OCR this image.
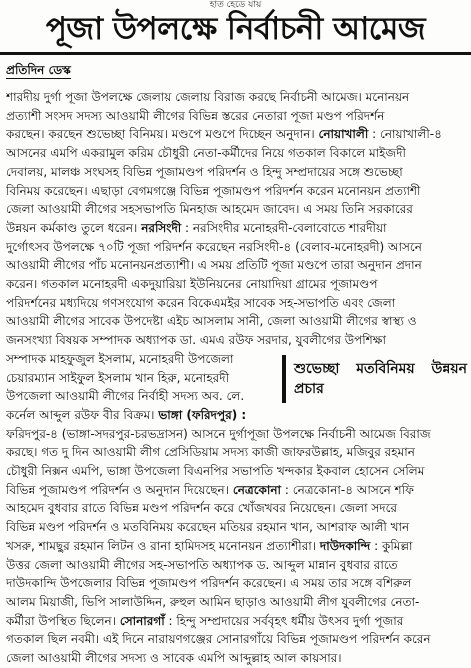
হাত হেডে যায়
পূজা উপলক্ষে নির্বাচনী আমেজ
প্রতিদিন ডেস্ক

শারদীয় দুর্গা পূজা উপলক্ষে জেলায় জেলায় বিরাজ করছে নির্বাচনী আমেজ। মনোনয়ন
প্রত্যাশী সংসদ সদস্য আওয়ামী লীগের বিভিন্ন স্তরের নেতারা পূজা মণ্ডপ পরিদর্শন
করছেন। করছেন শুভেচ্ছা বিনিময়। মণ্ডপে মণ্ডপে দিচ্ছেন অনুদান। নোয়াখালী : নোয়াখালী-৪
আসনের এমপি একরামুল করিম চৌধুরী নেতা-কর্মীদের নিয়ে গতকাল বিকালে মাইজদী
দেবালয়, মালঞ্চ সংঘসহ বিভিন্ন পূজামণ্ডপ পরিদর্শন ও হিন্দু সম্প্রদায়ের সঙ্গে শুভেচ্ছা
বিনিময় করেছেন। এছাড়া বেগমগঞ্জে বিভিন্ন পূজামণ্ডপ পরিদর্শন করেন মনোনয়ন প্রত্যাশী
জেলা আওয়ামী লীগের সহসভাপতি মিনহাজ আহমেদ জাবেদ। এ সময় তিনি সরকারের
উন্নয়ন কর্মকাণ্ড তুলে ধরেন। নরসিংদী : নরসিংদীর মনোহরদী-বেলাবোতে শারদীয়া
দুর্গোৎসব উপলক্ষে ৭০টি পূজা পরিদর্শন করেছেন নরসিংদী-৪ (বেলাব-মনোহরদী) আসনে
আওয়ামী লীগের পাঁচ মনোনয়নপ্রত্যাশী। এ সময় প্রতিটি পূজা মণ্ডপে তারা অনুদান প্রদান
করেন। গতকাল মনোহরদী একদুয়ারিয়া ইউনিয়নের নোয়াদিয়া গ্রামের পূজামণ্ডপ
পরিদর্শনের মধ্যদিয়ে গণসংযোগ করেন বিকেএমইর সাবেক সহ-সভাপতি এবং জেলা
আওয়ামী লীগের সাবেক উপদেষ্টা এইচ আসলাম সানী, জেলা আওয়ামী লীগের স্বাস্থ্য ও
জনসংখ্যা বিষয়ক সম্পাদক অধ্যাপক ডা. এমএ রউফ সরদার, যুবলীগের উপশিক্ষা
শুভেচ্ছা মতবিনিময় উন্নয়ন প্রচার
সম্পাদক মাহফুজুল ইসলাম, মনোহরদী উপজেলা
চেয়ারম্যান সাইফুল ইসলাম খান হিরু, মনোহরদী
উপজেলা আওয়ামী লীগের নির্বাহী সদস্য অব. লে.
কর্নেল আব্দুল রউফ বীর বিক্রম। ভাঙ্গা (ফরিদপুর) :
ফরিদপুর-৪ (ভাঙ্গা-সদরপুর-চরভদ্রাসন) আসনে দুর্গাপূজা উপলক্ষে নির্বাচনী আমেজ বিরাজ
করছে। গত দু দিন আওয়ামী লীগ প্রেসিডিয়াম সদস্য কাজী জাফরউল্লাহ, মজিবুর রহমান
চৌধুরী নিক্সন এমপি, ভাঙ্গা উপজেলা বিএনপির সভাপতি খন্দকার ইকবাল হোসেন সেলিম
বিভিন্ন পূজামণ্ডপ পরিদর্শন ও অনুদান দিয়েছেন। নেত্রকোনা : নেত্রকোনা-৪ আসনে শফি
আহমেদ বুধবার রাতে বিভিন্ন মণ্ডপ পরিদর্শন করে খোঁজখবর নিয়েছেন। জেলা সদরে
বিভিন্ন মণ্ডপ পরিদর্শন ও মতবিনিময় করেছেন মতিয়র রহমান খান, আশরাফ আলী খান
খসরু, শামছুর রহমান লিটন ও রানা হামিদসহ মনোনয়ন প্রত্যাশীরা। দাউদকান্দি : কুমিল্লা
উত্তর জেলা আওয়ামী লীগের সহ-সভাপতি অধ্যাপক ড. আব্দুল মান্নান বুধবার রাতে
দাউদকান্দি উপজেলার বিভিন্ন পূজামণ্ডপ পরিদর্শন করেছেন। এ সময় তার সঙ্গে বশিরুল
আলম মিয়াজী, ভিপি সালাউদ্দিন, রুহুল আমিন ছাড়াও আওয়ামী লীগ যুবলীগের নেতা-
কর্মীরা উপস্থিত ছিলেন। সোনারগাঁ : হিন্দু সম্প্রদায়ের সর্ববৃহৎ ধর্মীয় উৎসব দুর্গা পূজার
গতকাল ছিল নবমী। এই দিনে নারায়ণগঞ্জের সোনারগাঁয়ে বিভিন্ন পূজামণ্ডপ পরিদর্শন করেন
জেলা আওয়ামী লীগের সদস্য ও সাবেক এমপি আব্দুল্লাহ আল কায়সার।
